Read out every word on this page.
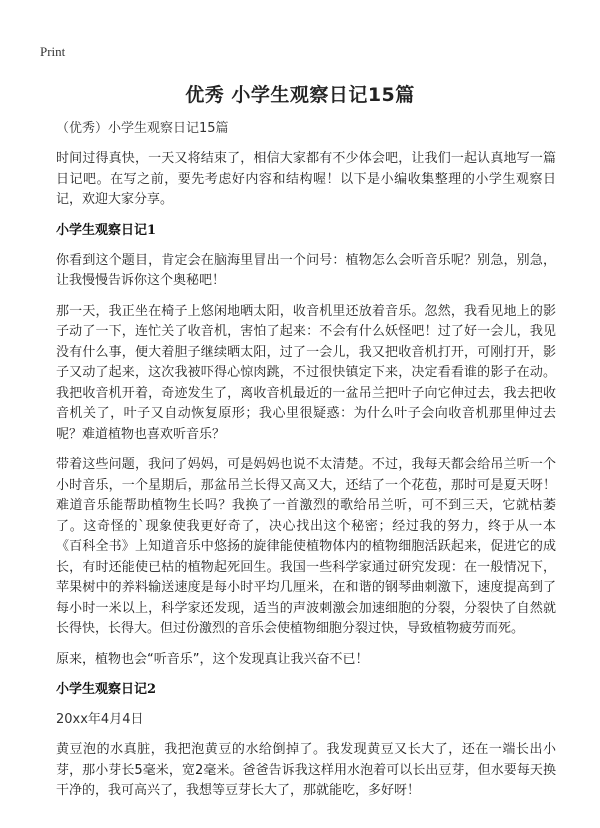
Print
优秀 小学生观察日记15篇

（优秀）小学生观察日记15篇

时间过得真快，一天又将结束了，相信大家都有不少体会吧，让我们一起认真地写一篇日记吧。在写之前，要先考虑好内容和结构喔！以下是小编收集整理的小学生观察日记，欢迎大家分享。

小学生观察日记1

你看到这个题目，肯定会在脑海里冒出一个问号：植物怎么会听音乐呢？别急，别急，让我慢慢告诉你这个奥秘吧！

那一天，我正坐在椅子上悠闲地晒太阳，收音机里还放着音乐。忽然，我看见地上的影子动了一下，连忙关了收音机，害怕了起来：不会有什么妖怪吧！过了好一会儿，我见没有什么事，便大着胆子继续晒太阳，过了一会儿，我又把收音机打开，可刚打开，影子又动了起来，这次我被吓得心惊肉跳，不过很快镇定下来，决定看看谁的影子在动。我把收音机开着，奇迹发生了，离收音机最近的一盆吊兰把叶子向它伸过去，我去把收音机关了，叶子又自动恢复原形；我心里很疑惑：为什么叶子会向收音机那里伸过去呢？难道植物也喜欢听音乐？

带着这些问题，我问了妈妈，可是妈妈也说不太清楚。不过，我每天都会给吊兰听一个小时音乐，一个星期后，那盆吊兰长得又高又大，还结了一个花苞，那时可是夏天呀！难道音乐能帮助植物生长吗？我换了一首激烈的歌给吊兰听，可不到三天，它就枯萎了。这奇怪的`现象使我更好奇了，决心找出这个秘密；经过我的努力，终于从一本《百科全书》上知道音乐中悠扬的旋律能使植物体内的植物细胞活跃起来，促进它的成长，有时还能使已枯的植物起死回生。我国一些科学家通过研究发现：在一般情况下，苹果树中的养料输送速度是每小时平均几厘米，在和谐的钢琴曲刺激下，速度提高到了每小时一米以上，科学家还发现，适当的声波刺激会加速细胞的分裂，分裂快了自然就长得快，长得大。但过份激烈的音乐会使植物细胞分裂过快，导致植物疲劳而死。

原来，植物也会“听音乐”，这个发现真让我兴奋不已！

小学生观察日记2

20xx年4月4日

黄豆泡的水真脏，我把泡黄豆的水给倒掉了。我发现黄豆又长大了，还在一端长出小芽，那小芽长5毫米，宽2毫米。爸爸告诉我这样用水泡着可以长出豆芽，但水要每天换干净的，我可高兴了，我想等豆芽长大了，那就能吃，多好呀！
